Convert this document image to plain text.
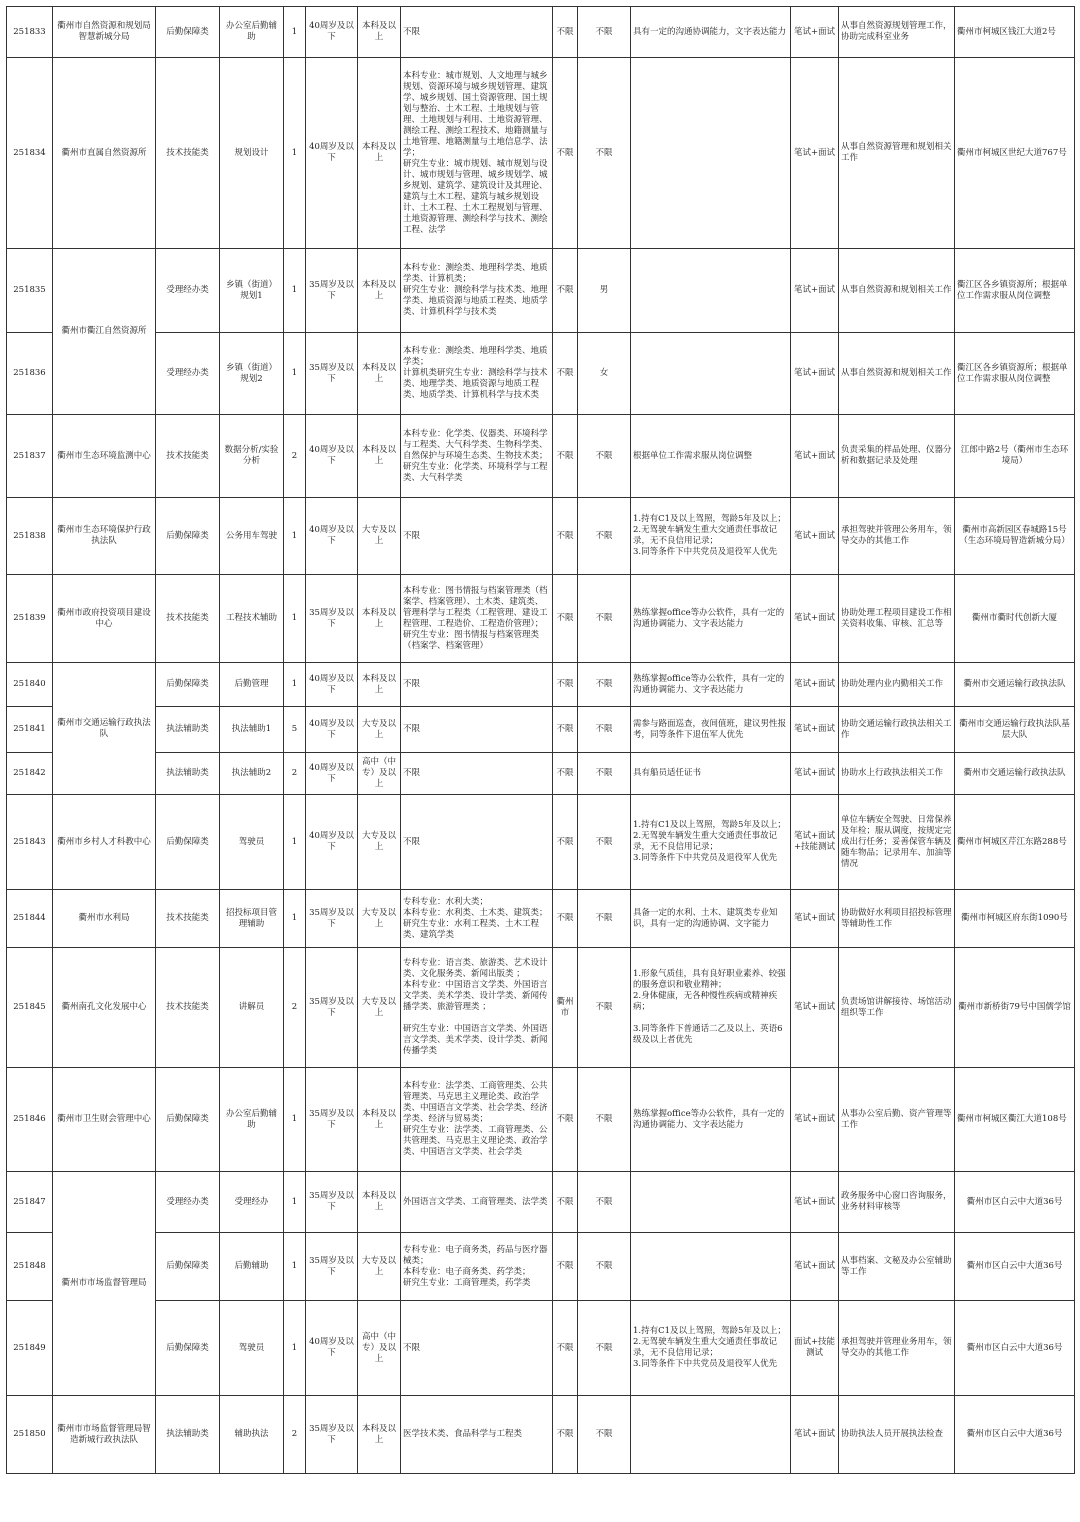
251833	衢州市自然资源和规划局智慧新城分局	后勤保障类	办公室后勤辅助	1	40周岁及以下	本科及以上	不限	不限	不限	具有一定的沟通协调能力，文字表达能力	笔试+面试	从事自然资源规划管理工作，协助完成科室业务	衢州市柯城区钱江大道2号
251834	衢州市直属自然资源所	技术技能类	规划设计	1	40周岁及以下	本科及以上	本科专业：城市规划、人文地理与城乡规划、资源环境与城乡规划管理、建筑学、城乡规划、国土资源管理、国土规划与整治、土木工程、土地规划与管理、土地规划与利用、土地资源管理、测绘工程、测绘工程技术、地籍测量与土地管理、地籍测量与土地信息学、法学；
研究生专业：城市规划、城市规划与设计、城市规划与管理、城乡规划学、城乡规划、建筑学、建筑设计及其理论、建筑与土木工程、建筑与城乡规划设计、土木工程、土木工程规划与管理、土地资源管理、测绘科学与技术、测绘工程、法学	不限	不限		笔试+面试	从事自然资源管理和规划相关工作	衢州市柯城区世纪大道767号
251835	衢州市衢江自然资源所	受理经办类	乡镇（街道）规划1	1	35周岁及以下	本科及以上	本科专业：测绘类、地理科学类、地质学类、计算机类；
研究生专业：测绘科学与技术类、地理学类、地质资源与地质工程类、地质学类、计算机科学与技术类	不限	男		笔试+面试	从事自然资源和规划相关工作	衢江区各乡镇资源所；根据单位工作需求服从岗位调整
251836		受理经办类	乡镇（街道）规划2	1	35周岁及以下	本科及以上	本科专业：测绘类、地理科学类、地质学类；
计算机类研究生专业：测绘科学与技术类、地理学类、地质资源与地质工程类、地质学类、计算机科学与技术类	不限	女		笔试+面试	从事自然资源和规划相关工作	衢江区各乡镇资源所；根据单位工作需求服从岗位调整
251837	衢州市生态环境监测中心	技术技能类	数据分析/实验分析	2	40周岁及以下	本科及以上	本科专业：化学类、仪器类、环境科学与工程类、大气科学类、生物科学类、自然保护与环境生态类、生物技术类；
研究生专业：化学类、环境科学与工程类、大气科学类	不限	不限	根据单位工作需求服从岗位调整	笔试+面试	负责采集的样品处理、仪器分析和数据记录及处理	江郎中路2号（衢州市生态环境局）
251838	衢州市生态环境保护行政执法队	后勤保障类	公务用车驾驶	1	40周岁及以下	大专及以上	不限	不限	不限	1.持有C1及以上驾照，驾龄5年及以上；
2.无驾驶车辆发生重大交通责任事故记录，无不良信用记录；
3.同等条件下中共党员及退役军人优先	笔试+面试	承担驾驶并管理公务用车，领导交办的其他工作	衢州市高新园区春城路15号
（生态环境局智造新城分局）
251839	衢州市政府投资项目建设中心	技术技能类	工程技术辅助	1	35周岁及以下	本科及以上	本科专业：图书情报与档案管理类（档案学、档案管理）、土木类、建筑类、管理科学与工程类（工程管理、建设工程管理、工程造价、工程造价管理）；
研究生专业：图书情报与档案管理类（档案学、档案管理）	不限	不限	熟练掌握office等办公软件，具有一定的沟通协调能力、文字表达能力	笔试+面试	协助处理工程项目建设工作相关资料收集、审核、汇总等	衢州市衢时代创新大厦
251840	衢州市交通运输行政执法队	后勤保障类	后勤管理	1	40周岁及以下	本科及以上	不限	不限	不限	熟练掌握office等办公软件，具有一定的沟通协调能力、文字表达能力	笔试+面试	协助处理内业内勤相关工作	衢州市交通运输行政执法队
251841		执法辅助类	执法辅助1	5	40周岁及以下	大专及以上	不限	不限	不限	需参与路面巡查，夜间值班，建议男性报考，同等条件下退伍军人优先	笔试+面试	协助交通运输行政执法相关工作	衢州市交通运输行政执法队基层大队
251842		执法辅助类	执法辅助2	2	40周岁及以下	高中（中专）及以上	不限	不限	不限	具有船员适任证书	笔试+面试	协助水上行政执法相关工作	衢州市交通运输行政执法队
251843	衢州市乡村人才科教中心	后勤保障类	驾驶员	1	40周岁及以下	大专及以上	不限	不限	不限	1.持有C1及以上驾照，驾龄5年及以上；
2.无驾驶车辆发生重大交通责任事故记录，无不良信用记录；
3.同等条件下中共党员及退役军人优先	笔试+面试+技能测试	单位车辆安全驾驶、日常保养及年检；服从调度，按规定完成出行任务；妥善保管车辆及随车物品；记录用车、加油等情况	衢州市柯城区芹江东路288号
251844	衢州市水利局	技术技能类	招投标项目管理辅助	1	35周岁及以下	大专及以上	专科专业：水利大类；
本科专业：水利类、土木类、建筑类；
研究生专业：水利工程类、土木工程类、建筑学类	不限	不限	具备一定的水利、土木、建筑类专业知识，具有一定的沟通协调、文字能力	笔试+面试	协助做好水利项目招投标管理等辅助性工作	衢州市柯城区府东街1090号
251845	衢州南孔文化发展中心	技术技能类	讲解员	2	35周岁及以下	大专及以上	专科专业：语言类、旅游类、艺术设计类、文化服务类、新闻出版类 ；
本科专业：中国语言文学类、外国语言文学类、美术学类、设计学类、新闻传播学类、旅游管理类 ；

研究生专业：中国语言文学类、外国语言文学类、美术学类、设计学类、新闻传播学类	衢州市	不限	1.形象气质佳，具有良好职业素养、较强的服务意识和敬业精神；
2.身体健康，无各种慢性疾病或精神疾病；

3.同等条件下普通话二乙及以上、英语6级及以上者优先	笔试+面试	负责场馆讲解接待、场馆活动组织等工作	衢州市新桥街79号中国儒学馆
251846	衢州市卫生财会管理中心	后勤保障类	办公室后勤辅助	1	35周岁及以下	本科及以上	本科专业：法学类、工商管理类、公共管理类、马克思主义理论类、政治学类、中国语言文学类、社会学类、经济学类、经济与贸易类；
研究生专业：法学类、工商管理类、公共管理类、马克思主义理论类、政治学类、中国语言文学类、社会学类	不限	不限	熟练掌握office等办公软件，具有一定的沟通协调能力、文字表达能力	笔试+面试	从事办公室后勤、资产管理等工作	衢州市柯城区衢江大道108号
251847	衢州市市场监督管理局	受理经办类	受理经办	1	35周岁及以下	本科及以上	外国语言文学类、工商管理类、法学类	不限	不限		笔试+面试	政务服务中心窗口咨询服务，业务材料审核等	衢州市区白云中大道36号
251848		后勤保障类	后勤辅助	1	35周岁及以下	大专及以上	专科专业：电子商务类，药品与医疗器械类；
本科专业：电子商务类、药学类；
研究生专业：工商管理类，药学类	不限	不限		笔试+面试	从事档案、文秘及办公室辅助等工作	衢州市区白云中大道36号
251849		后勤保障类	驾驶员	1	40周岁及以下	高中（中专）及以上	不限	不限	不限	1.持有C1及以上驾照，驾龄5年及以上；
2.无驾驶车辆发生重大交通责任事故记录，无不良信用记录；
3.同等条件下中共党员及退役军人优先	面试+技能测试	承担驾驶并管理业务用车，领导交办的其他工作	衢州市区白云中大道36号
251850	衢州市市场监督管理局智造新城行政执法队	执法辅助类	辅助执法	2	35周岁及以下	本科及以上	医学技术类、食品科学与工程类	不限	不限		笔试+面试	协助执法人员开展执法检查	衢州市区白云中大道36号
